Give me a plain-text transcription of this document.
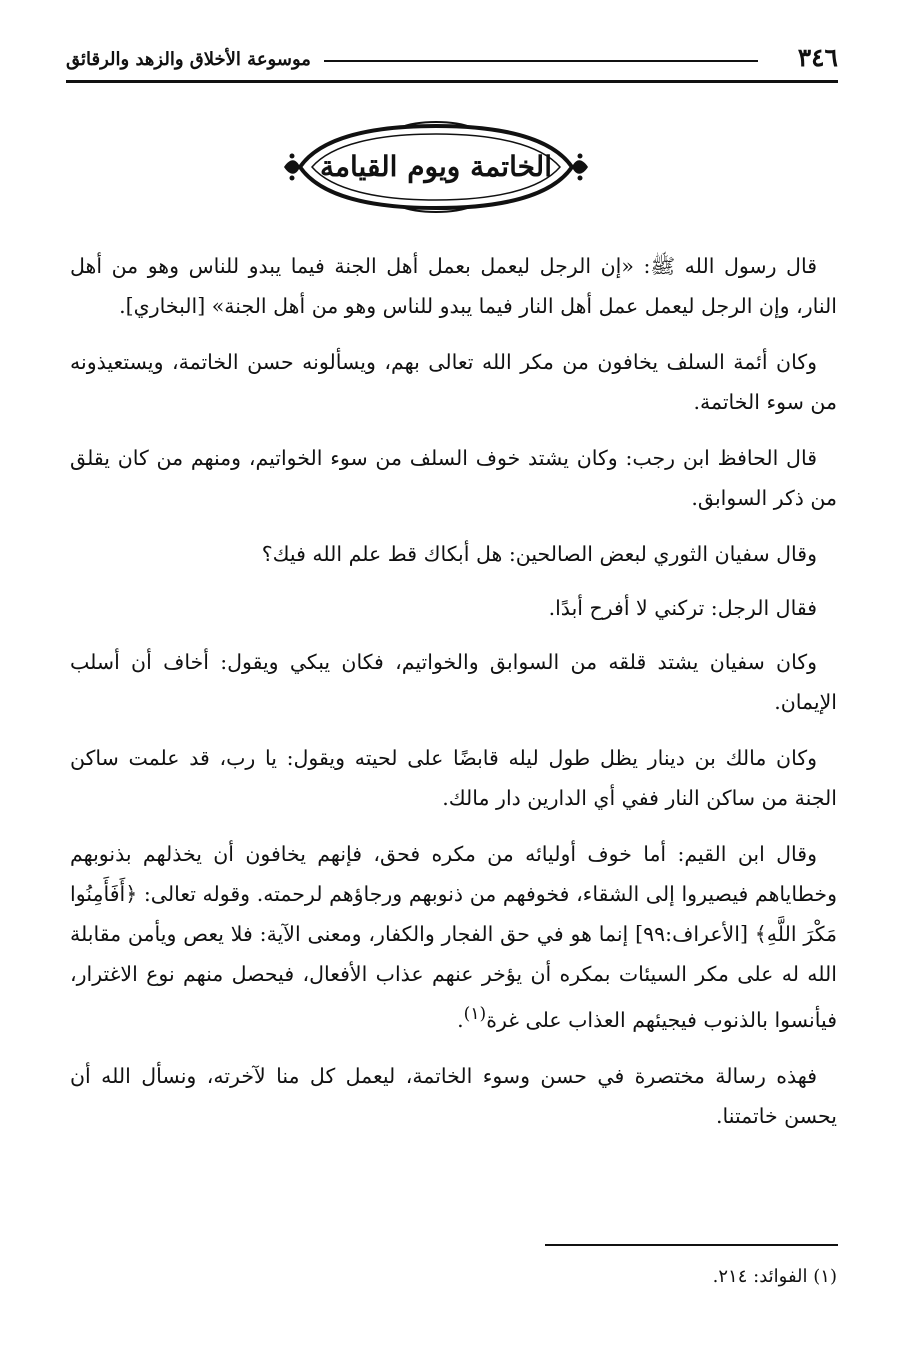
٣٤٦
موسوعة الأخلاق والزهد والرقائق
الخاتمة ويوم القيامة

قال رسول الله ﷺ: «إن الرجل ليعمل بعمل أهل الجنة فيما يبدو للناس وهو من أهل النار، وإن الرجل ليعمل عمل أهل النار فيما يبدو للناس وهو من أهل الجنة» [البخاري].

وكان أئمة السلف يخافون من مكر الله تعالى بهم، ويسألونه حسن الخاتمة، ويستعيذونه من سوء الخاتمة.

قال الحافظ ابن رجب: وكان يشتد خوف السلف من سوء الخواتيم، ومنهم من كان يقلق من ذكر السوابق.

وقال سفيان الثوري لبعض الصالحين: هل أبكاك قط علم الله فيك؟

فقال الرجل: تركني لا أفرح أبدًا.

وكان سفيان يشتد قلقه من السوابق والخواتيم، فكان يبكي ويقول: أخاف أن أسلب الإيمان.

وكان مالك بن دينار يظل طول ليله قابضًا على لحيته ويقول: يا رب، قد علمت ساكن الجنة من ساكن النار ففي أي الدارين دار مالك.

وقال ابن القيم: أما خوف أوليائه من مكره فحق، فإنهم يخافون أن يخذلهم بذنوبهم وخطاياهم فيصيروا إلى الشقاء، فخوفهم من ذنوبهم ورجاؤهم لرحمته. وقوله تعالى: ﴿أَفَأَمِنُوا مَكْرَ اللَّهِ﴾ [الأعراف:٩٩] إنما هو في حق الفجار والكفار، ومعنى الآية: فلا يعص ويأمن مقابلة الله له على مكر السيئات بمكره أن يؤخر عنهم عذاب الأفعال، فيحصل منهم نوع الاغترار، فيأنسوا بالذنوب فيجيئهم العذاب على غرة$^{(١)}$.

فهذه رسالة مختصرة في حسن وسوء الخاتمة، ليعمل كل منا لآخرته، ونسأل الله أن يحسن خاتمتنا.

(١) الفوائد: ٢١٤.
